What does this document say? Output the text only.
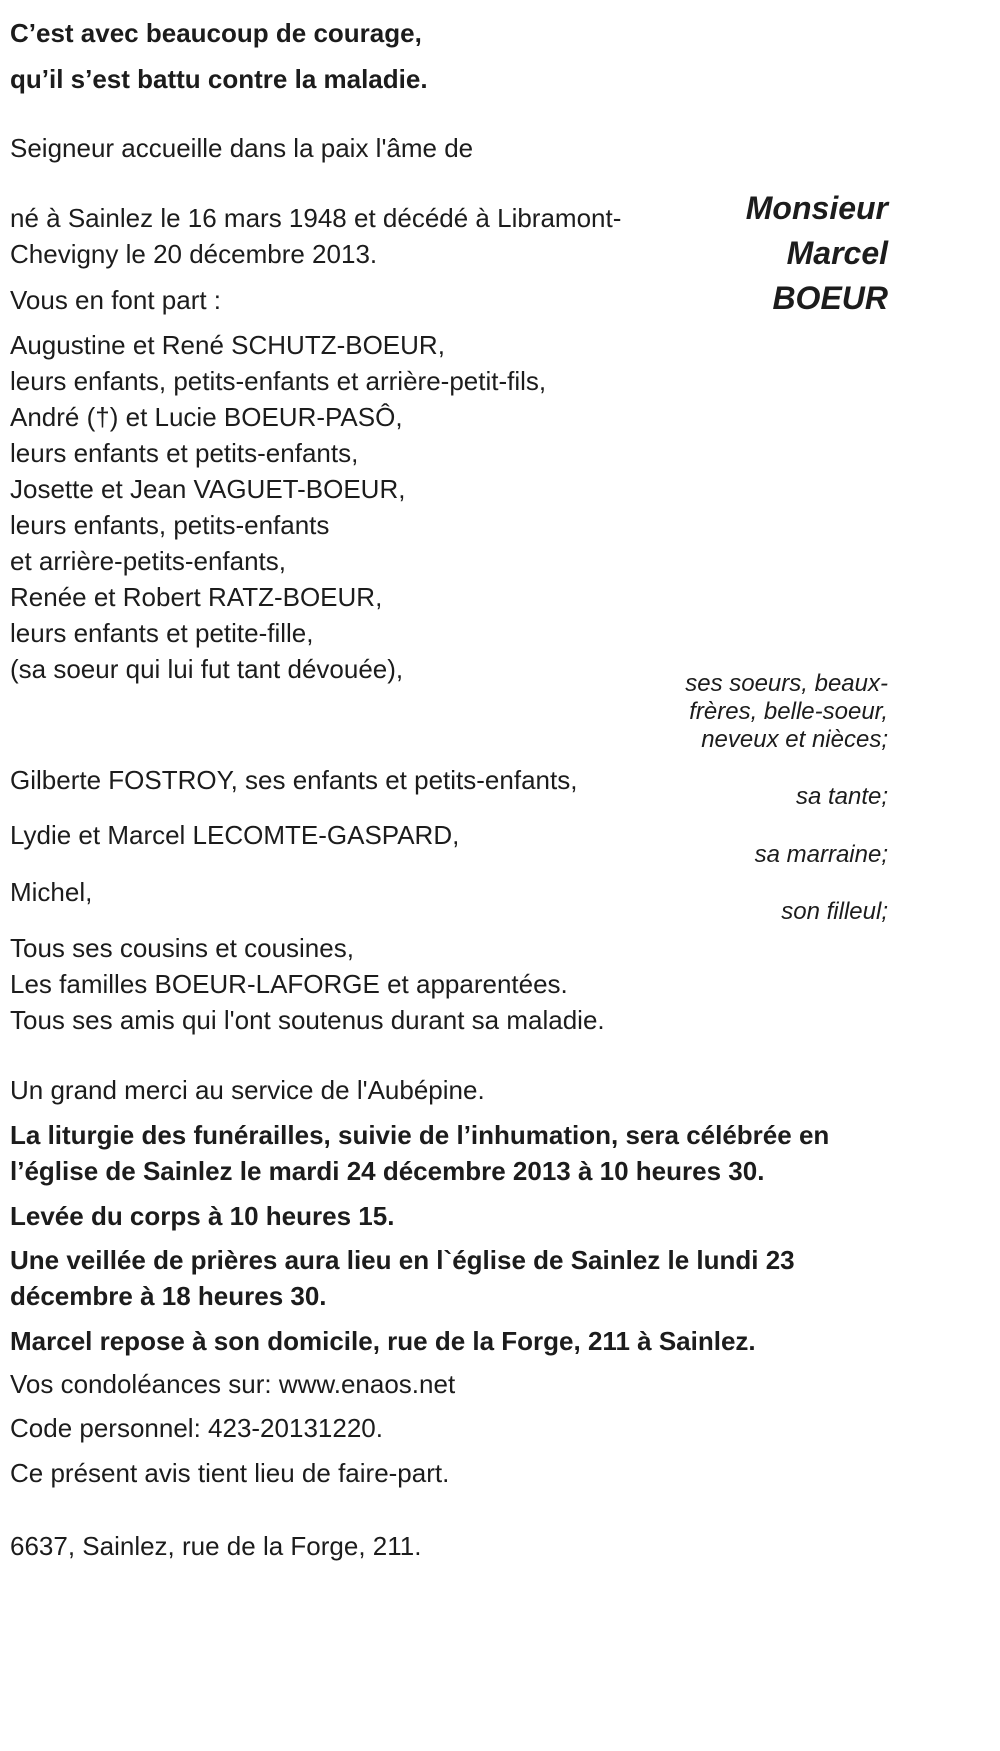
C’est avec beaucoup de courage,
qu’il s’est battu contre la maladie.
Seigneur accueille dans la paix l'âme de
Monsieur
Marcel
BOEUR
né à Sainlez le 16 mars 1948 et décédé à Libramont-
Chevigny le 20 décembre 2013.
Vous en font part :
Augustine et René SCHUTZ-BOEUR,
leurs enfants, petits-enfants et arrière-petit-fils,
André (†) et Lucie BOEUR-PASÔ,
leurs enfants et petits-enfants,
Josette et Jean VAGUET-BOEUR,
leurs enfants, petits-enfants
et arrière-petits-enfants,
Renée et Robert RATZ-BOEUR,
leurs enfants et petite-fille,
(sa soeur qui lui fut tant dévouée),	ses soeurs, beaux-
frères, belle-soeur,
neveux et nièces;
Gilberte FOSTROY, ses enfants et petits-enfants,
sa tante;
Lydie et Marcel LECOMTE-GASPARD,
sa marraine;
Michel,
son filleul;
Tous ses cousins et cousines,
Les familles BOEUR-LAFORGE et apparentées.
Tous ses amis qui l'ont soutenus durant sa maladie.
Un grand merci au service de l'Aubépine.
La liturgie des funérailles, suivie de l’inhumation, sera célébrée en
l’église de Sainlez le mardi 24 décembre 2013 à 10 heures 30.
Levée du corps à 10 heures 15.
Une veillée de prières aura lieu en l`église de Sainlez le lundi 23
décembre à 18 heures 30.
Marcel repose à son domicile, rue de la Forge, 211 à Sainlez.
Vos condoléances sur: www.enaos.net
Code personnel: 423-20131220.
Ce présent avis tient lieu de faire-part.
6637, Sainlez, rue de la Forge, 211.
